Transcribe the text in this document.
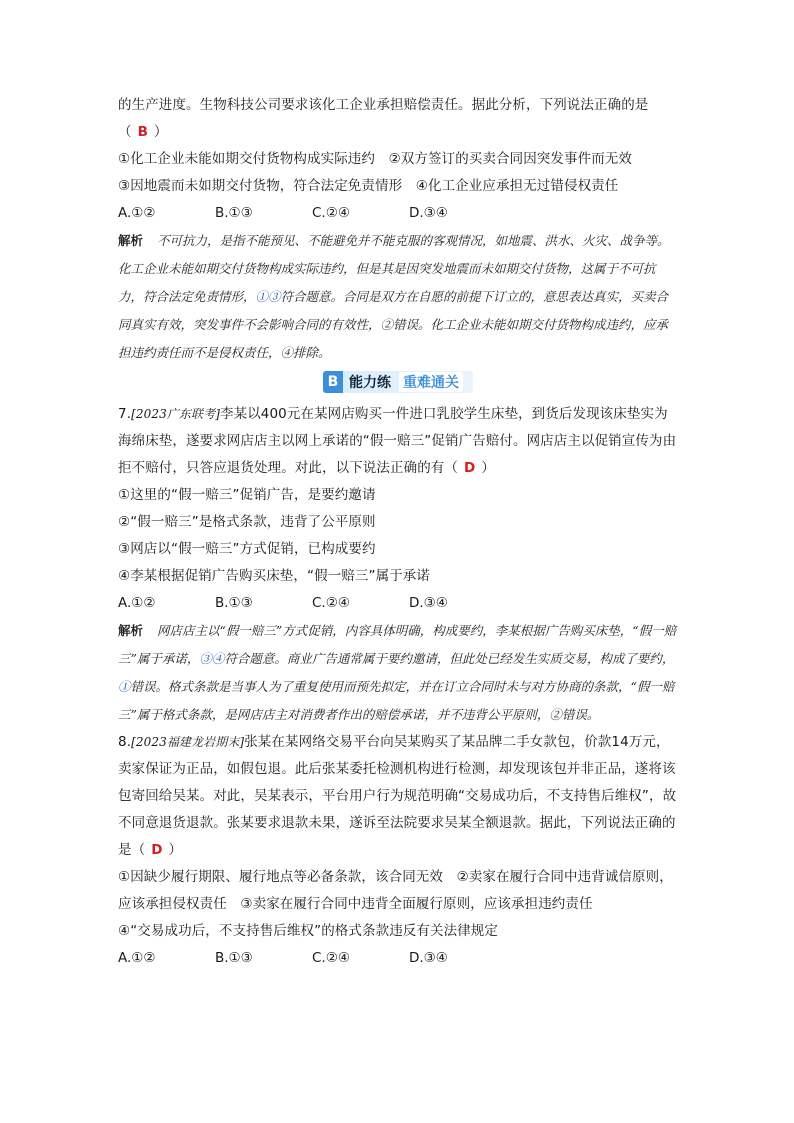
的生产进度。生物科技公司要求该化工企业承担赔偿责任。据此分析，下列说法正确的是
（ B ）
①化工企业未能如期交付货物构成实际违约　②双方签订的买卖合同因突发事件而无效
③因地震而未如期交付货物，符合法定免责情形　④化工企业应承担无过错侵权责任
A.①②	B.①③	C.②④	D.③④
解析 不可抗力，是指不能预见、不能避免并不能克服的客观情况，如地震、洪水、火灾、战争等。化工企业未能如期交付货物构成实际违约，但是其是因突发地震而未如期交付货物，这属于不可抗力，符合法定免责情形，①③符合题意。合同是双方在自愿的前提下订立的，意思表达真实，买卖合同真实有效，突发事件不会影响合同的有效性，②错误。化工企业未能如期交付货物构成违约，应承担违约责任而不是侵权责任，④排除。
B 能力练 重难通关
7.[2023广东联考]李某以400元在某网店购买一件进口乳胶学生床垫，到货后发现该床垫实为海绵床垫，遂要求网店店主以网上承诺的“假一赔三”促销广告赔付。网店店主以促销宣传为由拒不赔付，只答应退货处理。对此，以下说法正确的有（ D ）
①这里的“假一赔三”促销广告，是要约邀请
②“假一赔三”是格式条款，违背了公平原则
③网店以“假一赔三”方式促销，已构成要约
④李某根据促销广告购买床垫，“假一赔三”属于承诺
A.①②	B.①③	C.②④	D.③④
解析 网店店主以“假一赔三”方式促销，内容具体明确，构成要约，李某根据广告购买床垫，“假一赔三”属于承诺，③④符合题意。商业广告通常属于要约邀请，但此处已经发生实质交易，构成了要约，①错误。格式条款是当事人为了重复使用而预先拟定，并在订立合同时未与对方协商的条款，“假一赔三”属于格式条款，是网店店主对消费者作出的赔偿承诺，并不违背公平原则，②错误。
8.[2023福建龙岩期末]张某在某网络交易平台向吴某购买了某品牌二手女款包，价款14万元，卖家保证为正品，如假包退。此后张某委托检测机构进行检测，却发现该包并非正品，遂将该包寄回给吴某。对此，吴某表示，平台用户行为规范明确“交易成功后，不支持售后维权”，故不同意退货退款。张某要求退款未果，遂诉至法院要求吴某全额退款。据此，下列说法正确的是（ D ）
①因缺少履行期限、履行地点等必备条款，该合同无效　②卖家在履行合同中违背诚信原则，应该承担侵权责任　③卖家在履行合同中违背全面履行原则，应该承担违约责任
④“交易成功后，不支持售后维权”的格式条款违反有关法律规定
A.①②	B.①③	C.②④	D.③④
